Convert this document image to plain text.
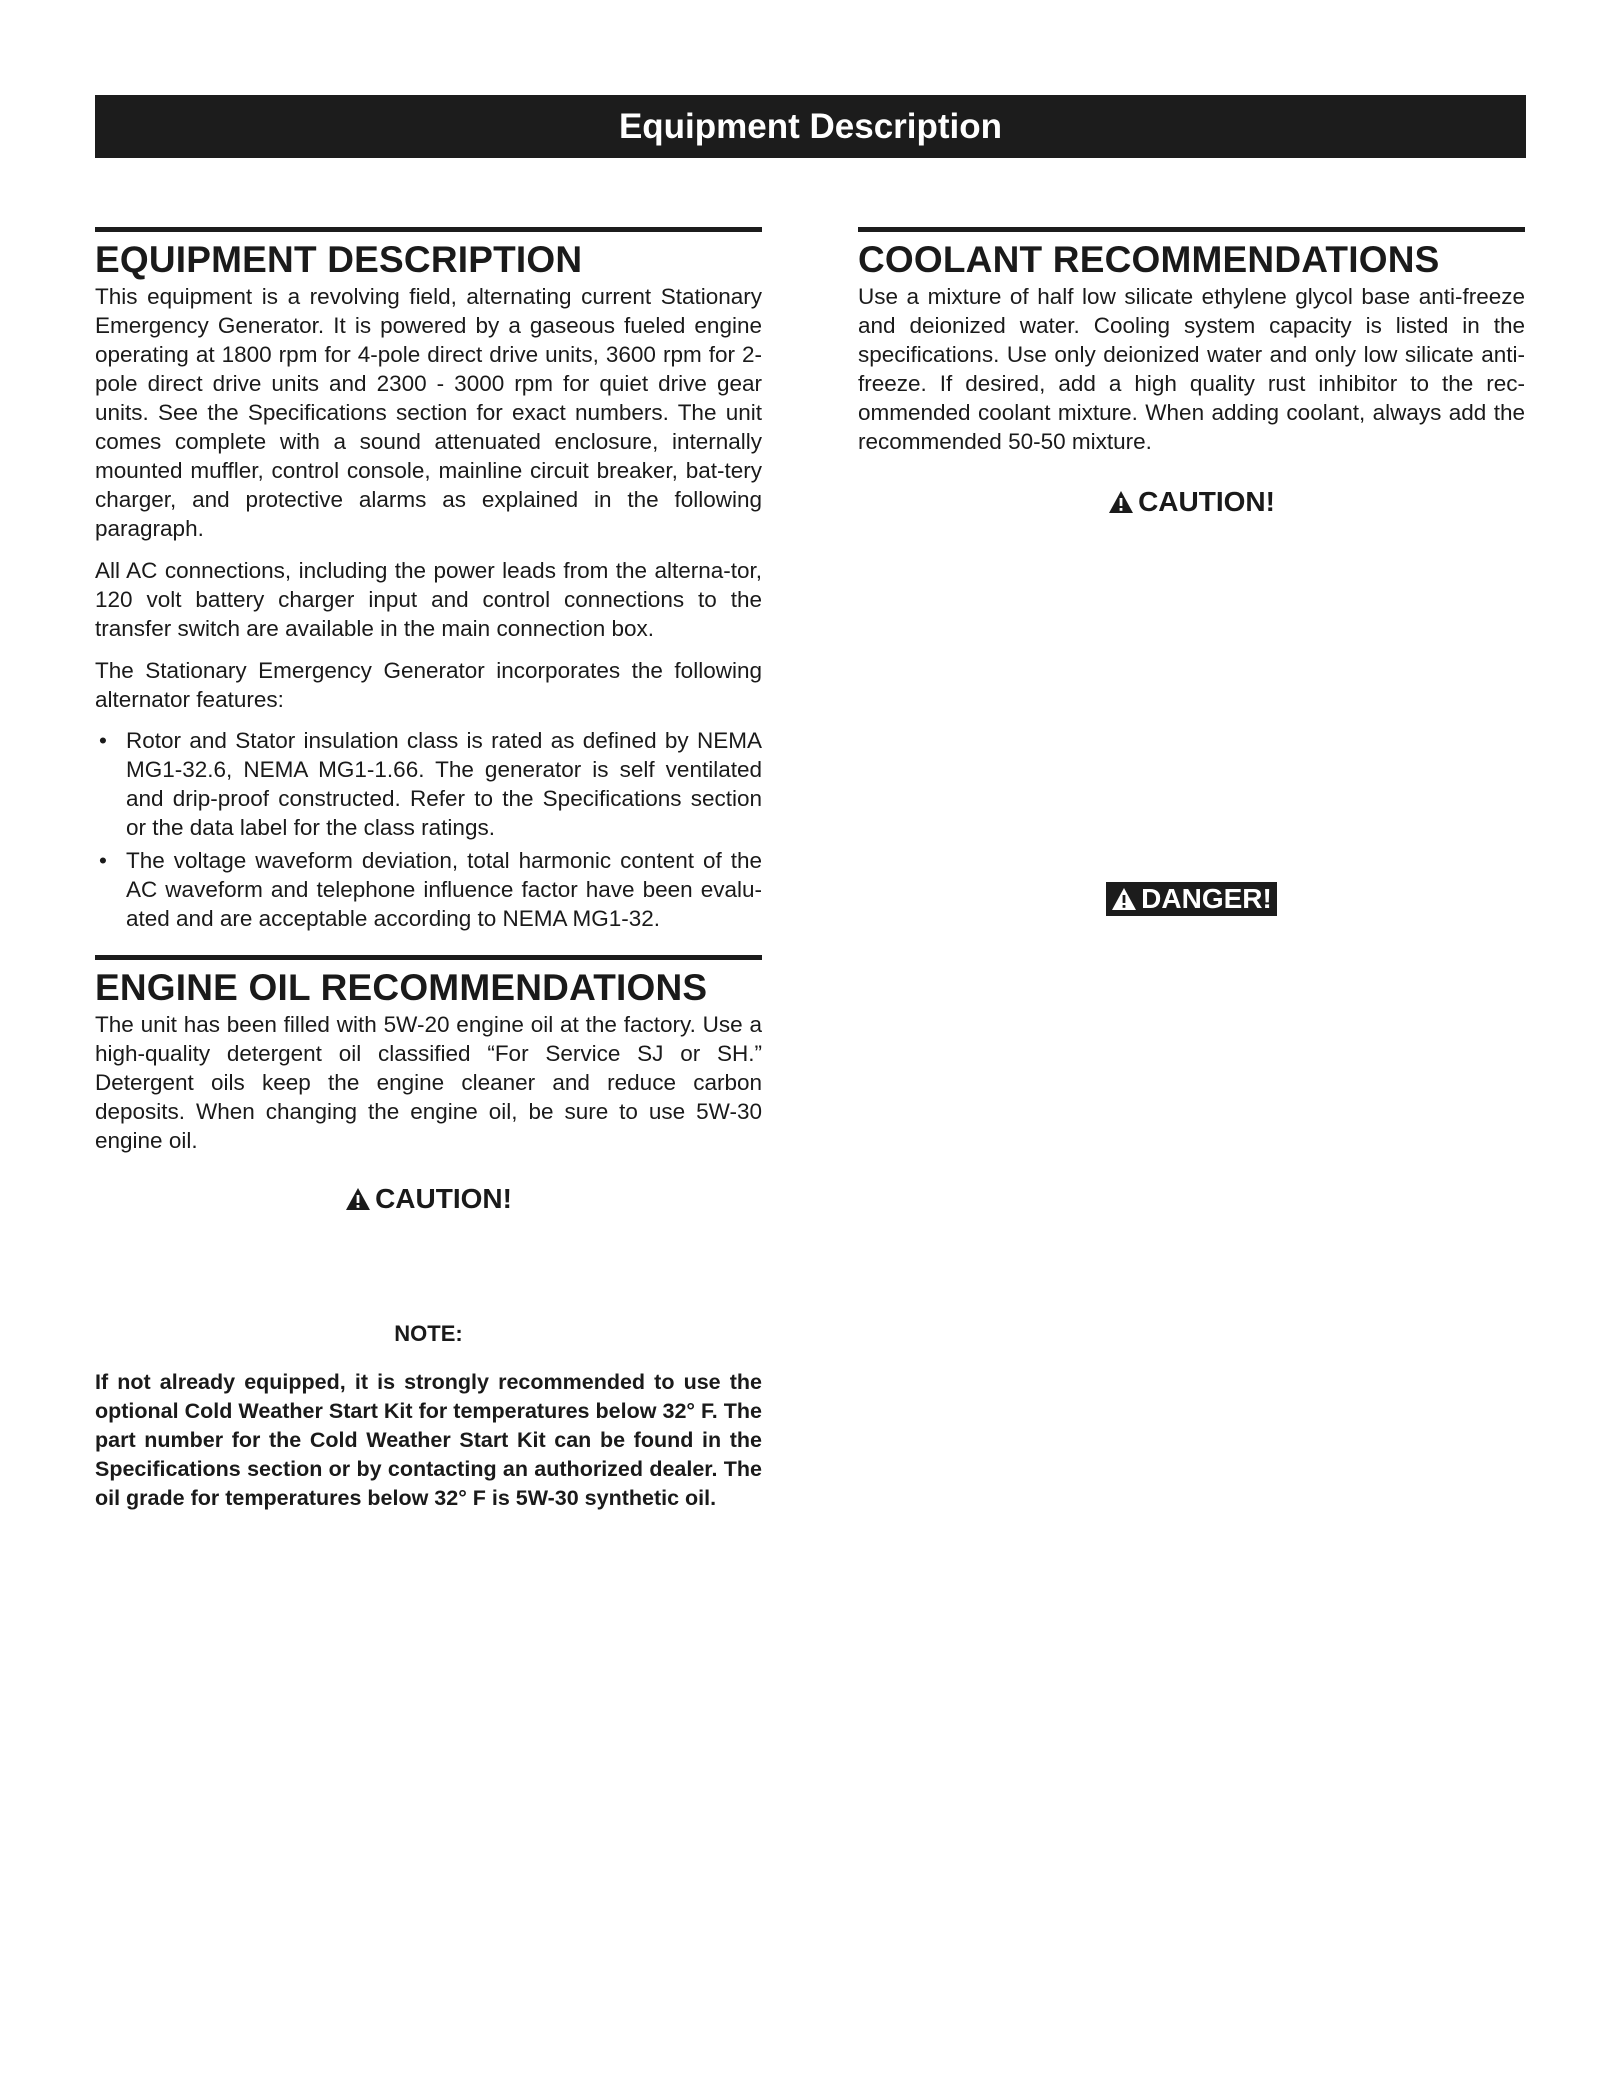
Equipment Description
EQUIPMENT DESCRIPTION

This equipment is a revolving field, alternating current Stationary Emergency Generator. It is powered by a gaseous fueled engine operating at 1800 rpm for 4-pole direct drive units, 3600 rpm for 2-pole direct drive units and 2300 - 3000 rpm for quiet drive gear units. See the Specifications section for exact numbers. The unit comes complete with a sound attenuated enclosure, internally mounted muffler, control console, mainline circuit breaker, bat-tery charger, and protective alarms as explained in the following paragraph.

All AC connections, including the power leads from the alterna-tor, 120 volt battery charger input and control connections to the transfer switch are available in the main connection box.

The Stationary Emergency Generator incorporates the following alternator features:

• Rotor and Stator insulation class is rated as defined by NEMA MG1-32.6, NEMA MG1-1.66. The generator is self ventilated and drip-proof constructed. Refer to the Specifications section or the data label for the class ratings.
• The voltage waveform deviation, total harmonic content of the AC waveform and telephone influence factor have been evalu-ated and are acceptable according to NEMA MG1-32.
ENGINE OIL RECOMMENDATIONS

The unit has been filled with 5W-20 engine oil at the factory. Use a high-quality detergent oil classified “For Service SJ or SH.” Detergent oils keep the engine cleaner and reduce carbon deposits. When changing the engine oil, be sure to use 5W-30 engine oil.

CAUTION!

NOTE:

If not already equipped, it is strongly recommended to use the optional Cold Weather Start Kit for temperatures below 32° F. The part number for the Cold Weather Start Kit can be found in the Specifications section or by contacting an authorized dealer. The oil grade for temperatures below 32° F is 5W-30 synthetic oil.

COOLANT RECOMMENDATIONS

Use a mixture of half low silicate ethylene glycol base anti-freeze and deionized water. Cooling system capacity is listed in the specifications. Use only deionized water and only low silicate anti-freeze. If desired, add a high quality rust inhibitor to the rec-ommended coolant mixture. When adding coolant, always add the recommended 50-50 mixture.

CAUTION!
DANGER!
